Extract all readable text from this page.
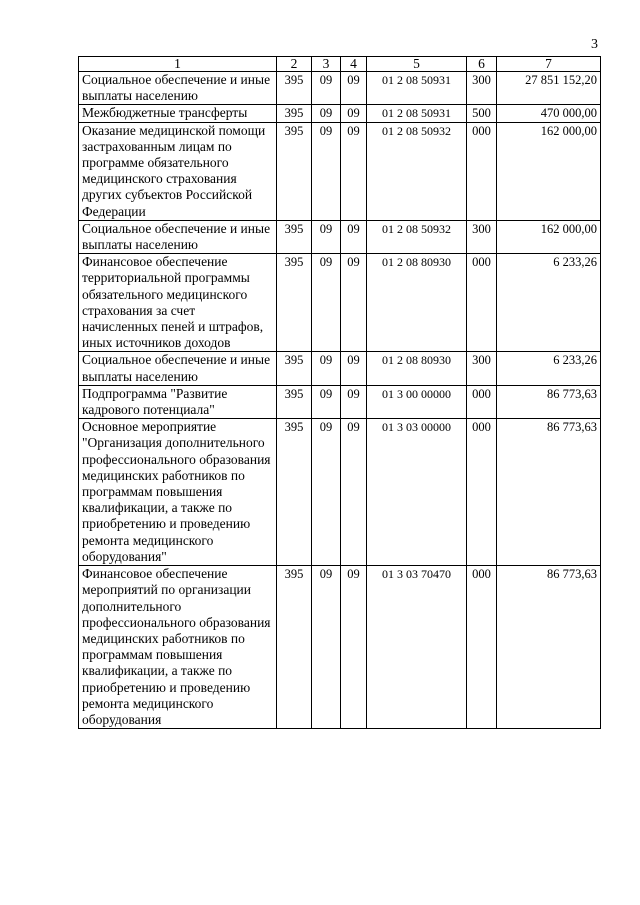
3
1	2	3	4	5	6	7
Социальное обеспечение и иные выплаты населению	395	09	09	01 2 08 50931	300	27 851 152,20
Межбюджетные трансферты	395	09	09	01 2 08 50931	500	470 000,00
Оказание медицинской помощи застрахованным лицам по программе обязательного медицинского страхования других субъектов Российской Федерации	395	09	09	01 2 08 50932	000	162 000,00
Социальное обеспечение и иные выплаты населению	395	09	09	01 2 08 50932	300	162 000,00
Финансовое обеспечение территориальной программы обязательного медицинского страхования за счет начисленных пеней и штрафов, иных источников доходов	395	09	09	01 2 08 80930	000	6 233,26
Социальное обеспечение и иные выплаты населению	395	09	09	01 2 08 80930	300	6 233,26
Подпрограмма "Развитие кадрового потенциала"	395	09	09	01 3 00 00000	000	86 773,63
Основное мероприятие "Организация дополнительного профессионального образования медицинских работников по программам повышения квалификации, а также по приобретению и проведению ремонта медицинского оборудования"	395	09	09	01 3 03 00000	000	86 773,63
Финансовое обеспечение мероприятий по организации дополнительного профессионального образования медицинских работников по программам повышения квалификации, а также по приобретению и проведению ремонта медицинского оборудования	395	09	09	01 3 03 70470	000	86 773,63
